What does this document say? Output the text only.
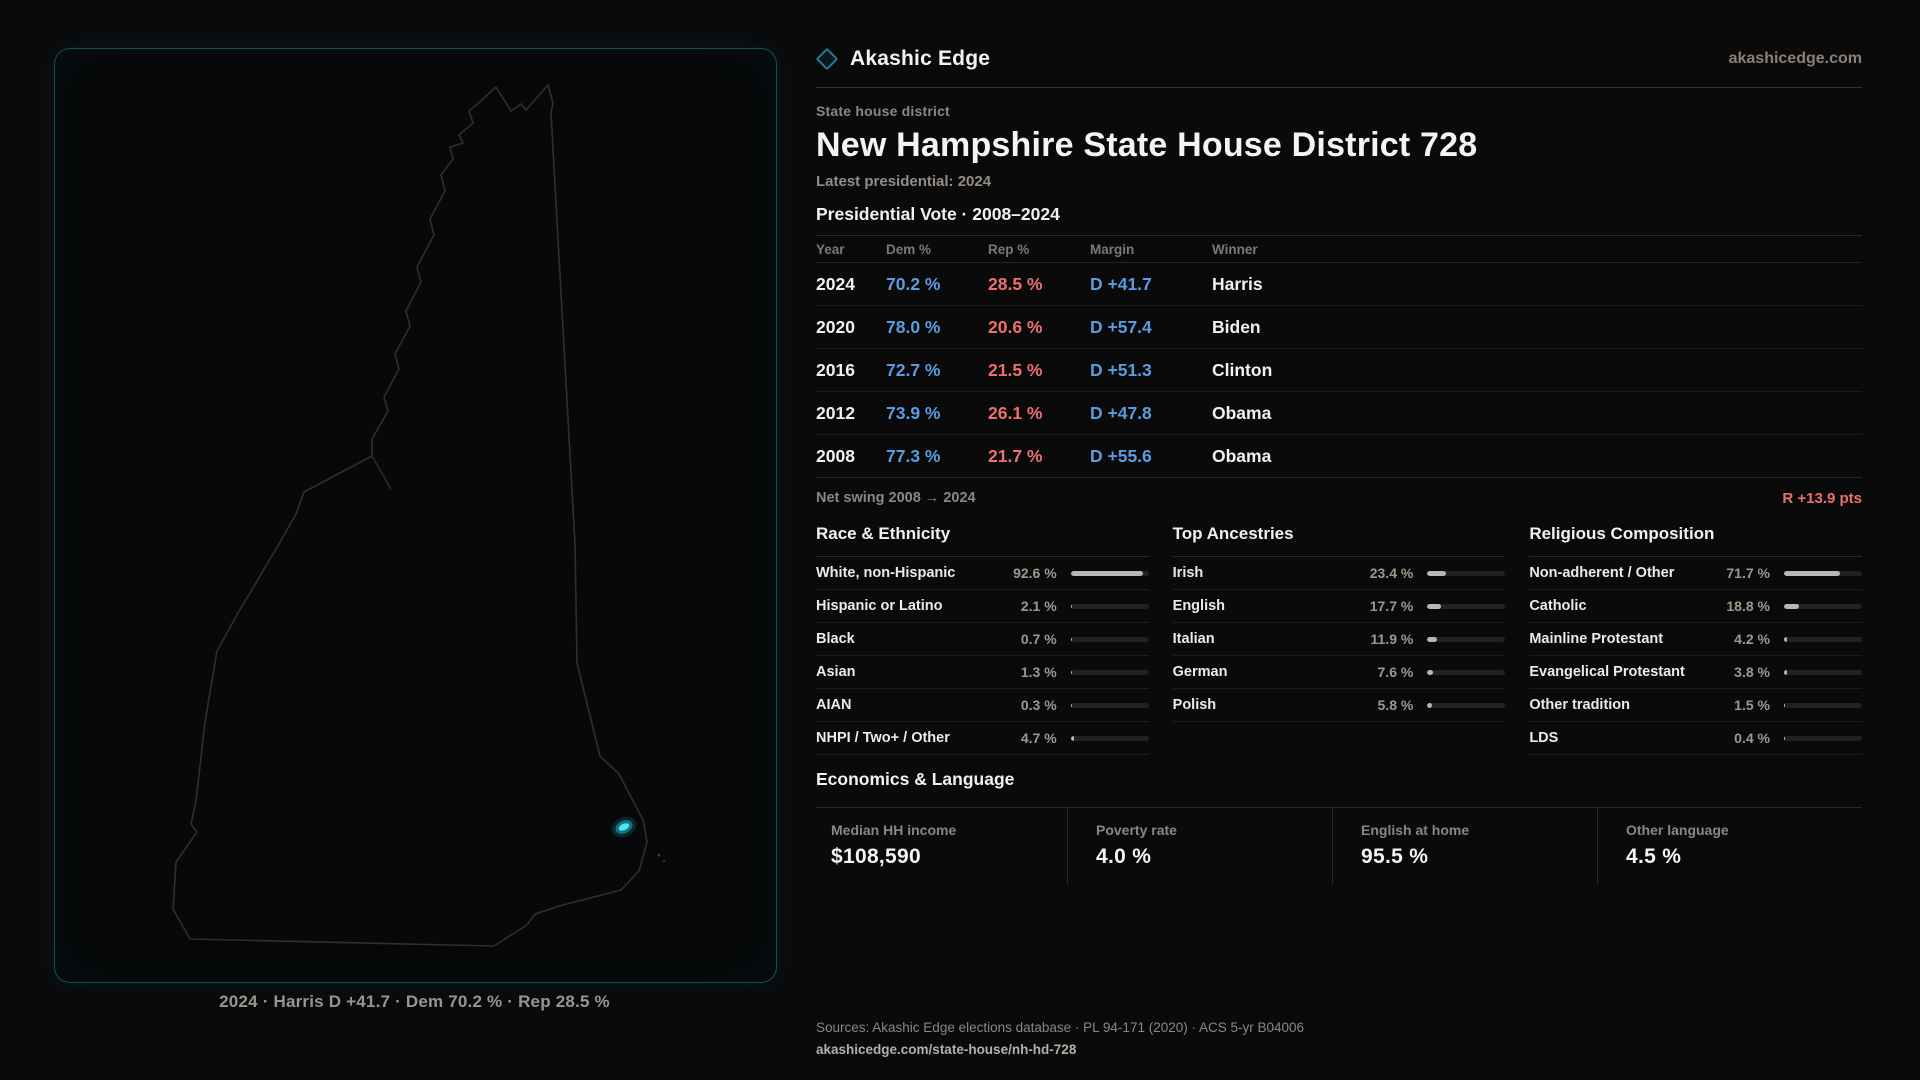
2024 · Harris D +41.7 · Dem 70.2 % · Rep 28.5 %
Akashic Edge	akashicedge.com
State house district
New Hampshire State House District 728
Latest presidential: 2024
Presidential Vote · 2008–2024
Year	Dem %	Rep %	Margin	Winner
2024	70.2 %	28.5 %	D +41.7	Harris
2020	78.0 %	20.6 %	D +57.4	Biden
2016	72.7 %	21.5 %	D +51.3	Clinton
2012	73.9 %	26.1 %	D +47.8	Obama
2008	77.3 %	21.7 %	D +55.6	Obama
Net swing 2008 → 2024	R +13.9 pts
Race & Ethnicity
White, non-Hispanic	92.6 %
Hispanic or Latino	2.1 %
Black	0.7 %
Asian	1.3 %
AIAN	0.3 %
NHPI / Two+ / Other	4.7 %
Top Ancestries
Irish	23.4 %
English	17.7 %
Italian	11.9 %
German	7.6 %
Polish	5.8 %
Religious Composition
Non-adherent / Other	71.7 %
Catholic	18.8 %
Mainline Protestant	4.2 %
Evangelical Protestant	3.8 %
Other tradition	1.5 %
LDS	0.4 %
Economics & Language
Median HH income
$108,590
Poverty rate
4.0 %
English at home
95.5 %
Other language
4.5 %
Sources: Akashic Edge elections database · PL 94-171 (2020) · ACS 5-yr B04006
akashicedge.com/state-house/nh-hd-728
